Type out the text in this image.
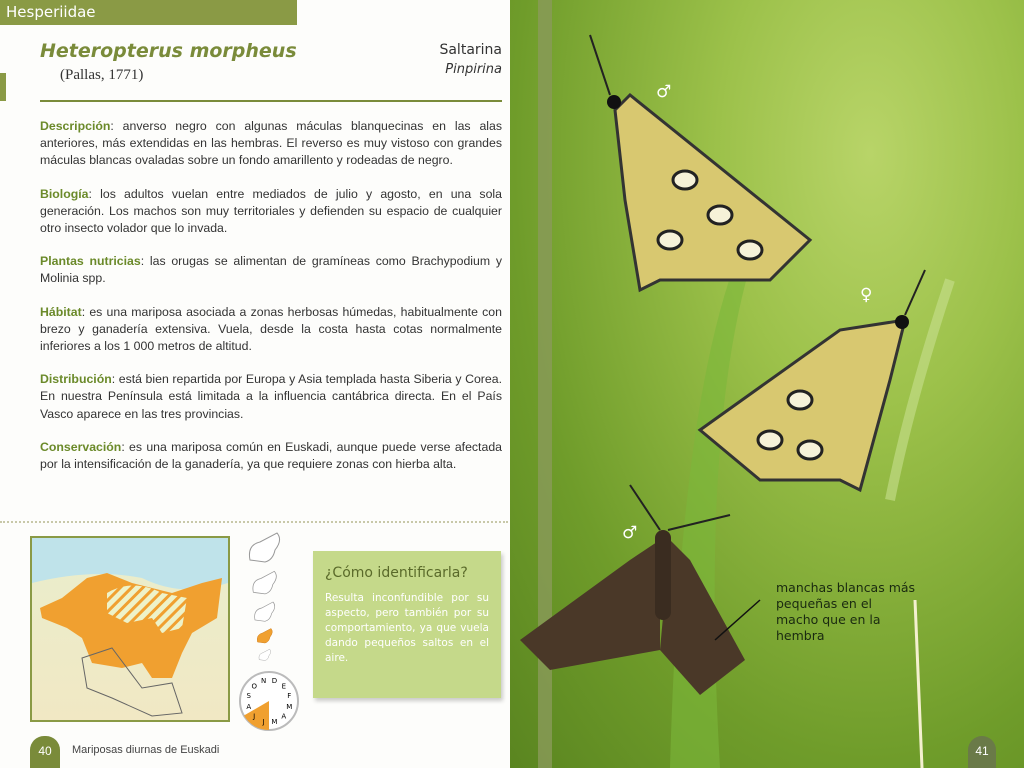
Hesperiidae
Heteropterus morpheus
(Pallas, 1771)
Saltarina
Pinpirina

Descripción: anverso negro con algunas máculas blanquecinas en las alas anteriores, más extendidas en las hembras. El reverso es muy vistoso con grandes máculas blancas ovaladas sobre un fondo amarillento y rodeadas de negro.

Biología: los adultos vuelan entre mediados de julio y agosto, en una sola generación. Los machos son muy territoriales y defienden su espacio de cualquier otro insecto volador que lo invada.

Plantas nutricias: las orugas se alimentan de gramíneas como Brachypodium y Molinia spp.

Hábitat: es una mariposa asociada a zonas herbosas húmedas, habitualmente con brezo y ganadería extensiva. Vuela, desde la costa hasta cotas normalmente inferiores a los 1 000 metros de altitud.

Distribución: está bien repartida por Europa y Asia templada hasta Siberia y Corea. En nuestra Península está limitada a la influencia cantábrica directa. En el País Vasco aparece en las tres provincias.

Conservación: es una mariposa común en Euskadi, aunque puede verse afectada por la intensificación de la ganadería, ya que requiere zonas con hierba alta.

E
F
M
A
M
J
J
A
S
O
N D
¿Cómo identificarla?

Resulta inconfundible por su aspecto, pero también por su comportamiento, ya que vuela dando pequeños saltos en el aire.

40	Mariposas diurnas de Euskadi
♂
♀
♂
manchas blancas más pequeñas en el macho que en la hembra
41
